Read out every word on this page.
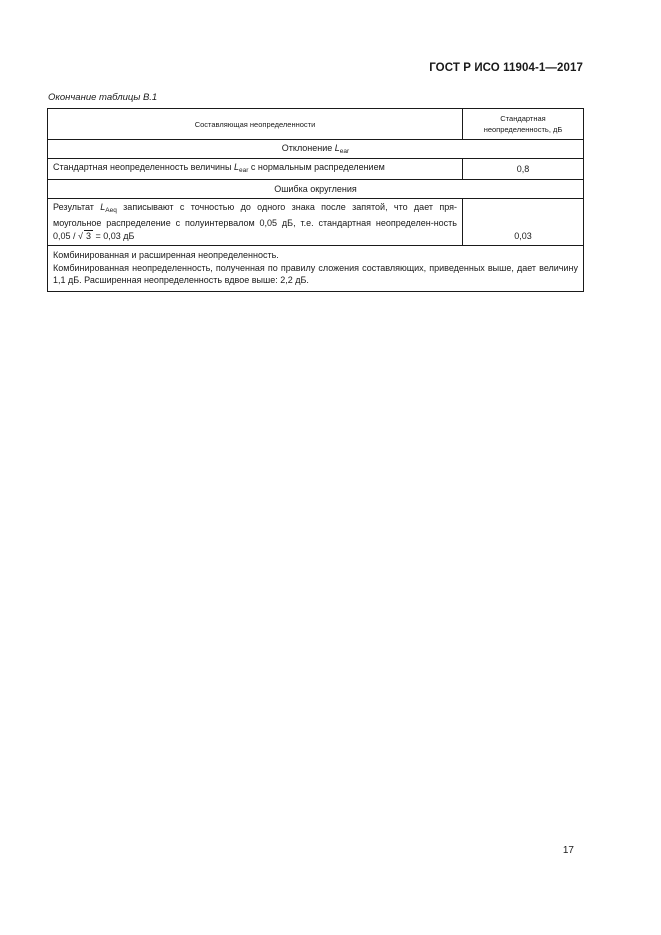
ГОСТ Р ИСО 11904-1—2017
Окончание таблицы В.1
Составляющая неопределенности	Стандартная
неопределенность, дБ
Отклонение $L_{ear}$
Стандартная неопределенность величины $L_{ear}$ с нормальным распределением	0,8
Ошибка округления	
Результат $L_{Aeq}$ записывают с точностью до одного знака после запятой, что дает пря-моугольное распределение с полуинтервалом 0,05 дБ, т.е. стандартная неопределен-ность 0,05 / √ 3 = 0,03 дБ	0,03

Комбинированная и расширенная неопределенность.
Комбинированная неопределенность, полученная по правилу сложения составляющих, приведенных выше, дает величину 1,1 дБ. Расширенная неопределенность вдвое выше: 2,2 дБ.	
17
